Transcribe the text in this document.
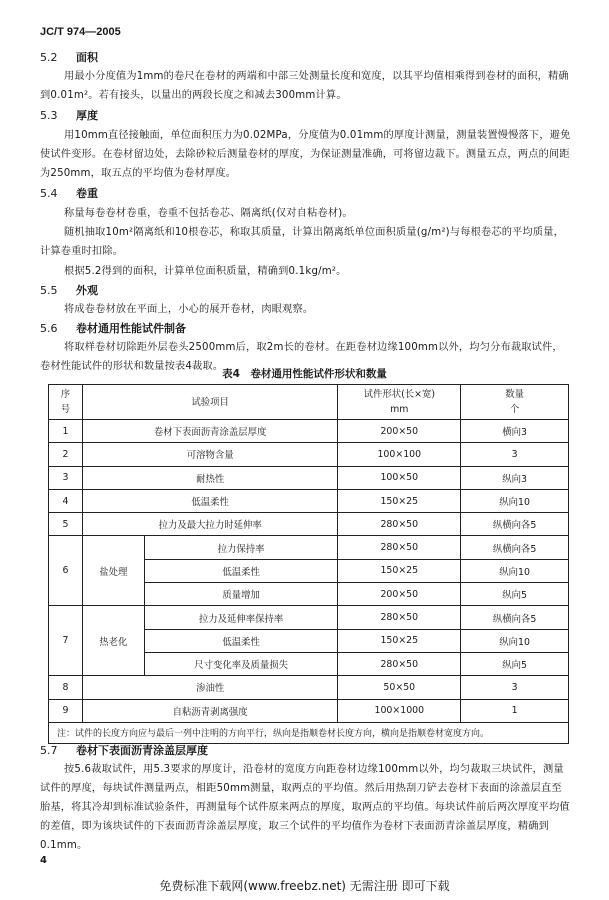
JC/T 974—2005
5.2 面积
用最小分度值为1mm的卷尺在卷材的两端和中部三处测量长度和宽度，以其平均值相乘得到卷材的面积，精确到0.01m²。若有接头，以量出的两段长度之和减去300mm计算。
5.3 厚度
用10mm直径接触面，单位面积压力为0.02MPa，分度值为0.01mm的厚度计测量，测量装置慢慢落下，避免使试件变形。在卷材留边处，去除砂粒后测量卷材的厚度，为保证测量准确，可将留边裁下。测量五点，两点的间距为250mm，取五点的平均值为卷材厚度。
5.4 卷重
称量每卷卷材卷重，卷重不包括卷芯、隔离纸(仅对自粘卷材)。
随机抽取10m²隔离纸和10根卷芯，称取其质量，计算出隔离纸单位面积质量(g/m²)与每根卷芯的平均质量，计算卷重时扣除。
根据5.2得到的面积，计算单位面积质量，精确到0.1kg/m²。
5.5 外观
将成卷卷材放在平面上，小心的展开卷材，肉眼观察。
5.6 卷材通用性能试件制备
将取样卷材切除距外层卷头2500mm后，取2m长的卷材。在距卷材边缘100mm以外，均匀分布裁取试件，卷材性能试件的形状和数量按表4裁取。
表4　卷材通用性能试件形状和数量
序
号	试验项目		试件形状(长×宽)
mm	数量
个
1	卷材下表面沥青涂盖层厚度		200×50	横向3
2	可溶物含量		100×100	3
3	耐热性		100×50	纵向3
4	低温柔性		150×25	纵向10
5	拉力及最大拉力时延伸率		280×50	纵横向各5
6	盐处理	拉力保持率	280×50	纵横向各5
		低温柔性	150×25	纵向10
		质量增加	200×50	纵向5
7	热老化	拉力及延伸率保持率	280×50	纵横向各5
		低温柔性	150×25	纵向10
		尺寸变化率及质量损失	280×50	纵向5
8	渗油性		50×50	3
9	自粘沥青剥离强度		100×1000	1
注：试件的长度方向应与最后一列中注明的方向平行，纵向是指顺卷材长度方向，横向是指顺卷材宽度方向。				
5.7 卷材下表面沥青涂盖层厚度
按5.6裁取试件，用5.3要求的厚度计，沿卷材的宽度方向距卷材边缘100mm以外，均匀裁取三块试件，测量试件的厚度，每块试件测量两点，相距50mm测量，取两点的平均值。然后用热刮刀铲去卷材下表面的涂盖层直至胎基，将其冷却到标准试验条件，再测量每个试件原来两点的厚度，取两点的平均值。每块试件前后两次厚度平均值的差值，即为该块试件的下表面沥青涂盖层厚度，取三个试件的平均值作为卷材下表面沥青涂盖层厚度，精确到0.1mm。
4
免费标准下载网(www.freebz.net) 无需注册 即可下载
